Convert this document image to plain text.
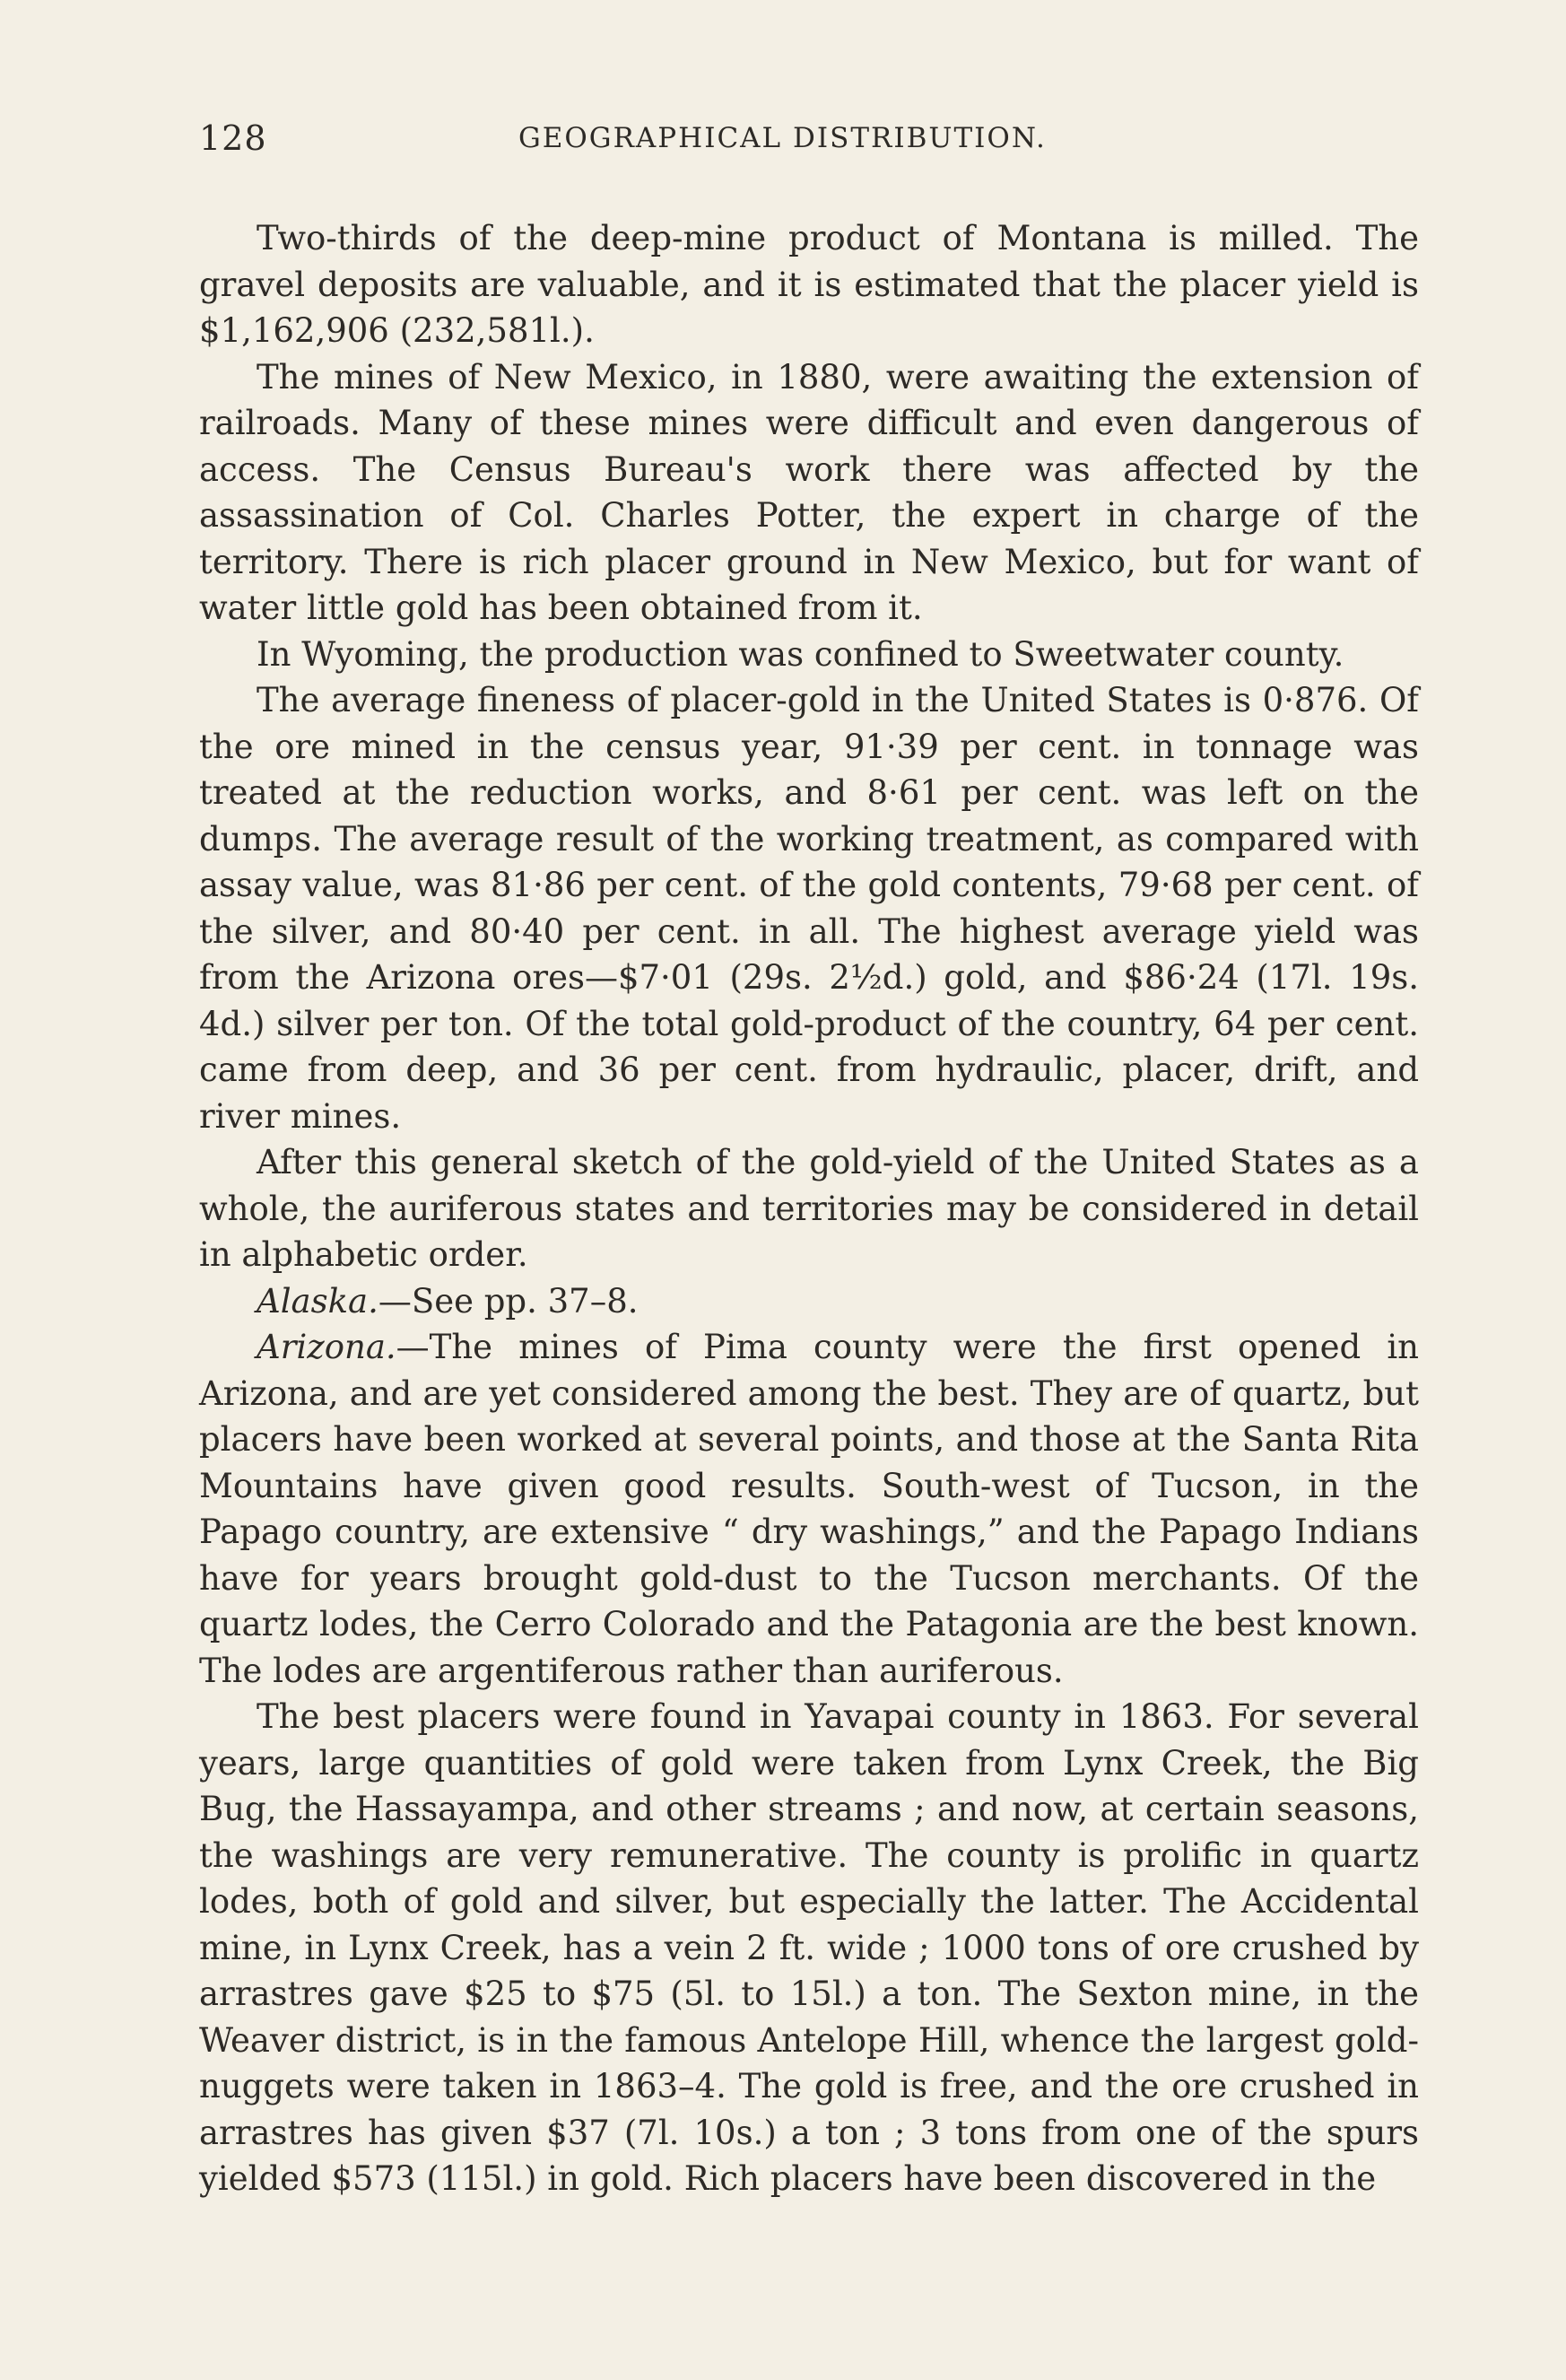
128	GEOGRAPHICAL DISTRIBUTION.

Two-thirds of the deep-mine product of Montana is milled. The gravel deposits are valuable, and it is estimated that the placer yield is $1,162,906 (232,581l.).

The mines of New Mexico, in 1880, were awaiting the extension of railroads. Many of these mines were difficult and even dangerous of access. The Census Bureau's work there was affected by the assassination of Col. Charles Potter, the expert in charge of the territory. There is rich placer ground in New Mexico, but for want of water little gold has been obtained from it.

In Wyoming, the production was confined to Sweetwater county.

The average fineness of placer-gold in the United States is 0·876. Of the ore mined in the census year, 91·39 per cent. in tonnage was treated at the reduction works, and 8·61 per cent. was left on the dumps. The average result of the working treatment, as compared with assay value, was 81·86 per cent. of the gold contents, 79·68 per cent. of the silver, and 80·40 per cent. in all. The highest average yield was from the Arizona ores—$7·01 (29s. 2½d.) gold, and $86·24 (17l. 19s. 4d.) silver per ton. Of the total gold-product of the country, 64 per cent. came from deep, and 36 per cent. from hydraulic, placer, drift, and river mines.

After this general sketch of the gold-yield of the United States as a whole, the auriferous states and territories may be considered in detail in alphabetic order.

Alaska.—See pp. 37–8.

Arizona.—The mines of Pima county were the first opened in Arizona, and are yet considered among the best. They are of quartz, but placers have been worked at several points, and those at the Santa Rita Mountains have given good results. South-west of Tucson, in the Papago country, are extensive “ dry washings,” and the Papago Indians have for years brought gold-dust to the Tucson merchants. Of the quartz lodes, the Cerro Colorado and the Patagonia are the best known. The lodes are argentiferous rather than auriferous.

The best placers were found in Yavapai county in 1863. For several years, large quantities of gold were taken from Lynx Creek, the Big Bug, the Hassayampa, and other streams ; and now, at certain seasons, the washings are very remunerative. The county is prolific in quartz lodes, both of gold and silver, but especially the latter. The Accidental mine, in Lynx Creek, has a vein 2 ft. wide ; 1000 tons of ore crushed by arrastres gave $25 to $75 (5l. to 15l.) a ton. The Sexton mine, in the Weaver district, is in the famous Antelope Hill, whence the largest gold-nuggets were taken in 1863–4. The gold is free, and the ore crushed in arrastres has given $37 (7l. 10s.) a ton ; 3 tons from one of the spurs yielded $573 (115l.) in gold. Rich placers have been discovered in the
